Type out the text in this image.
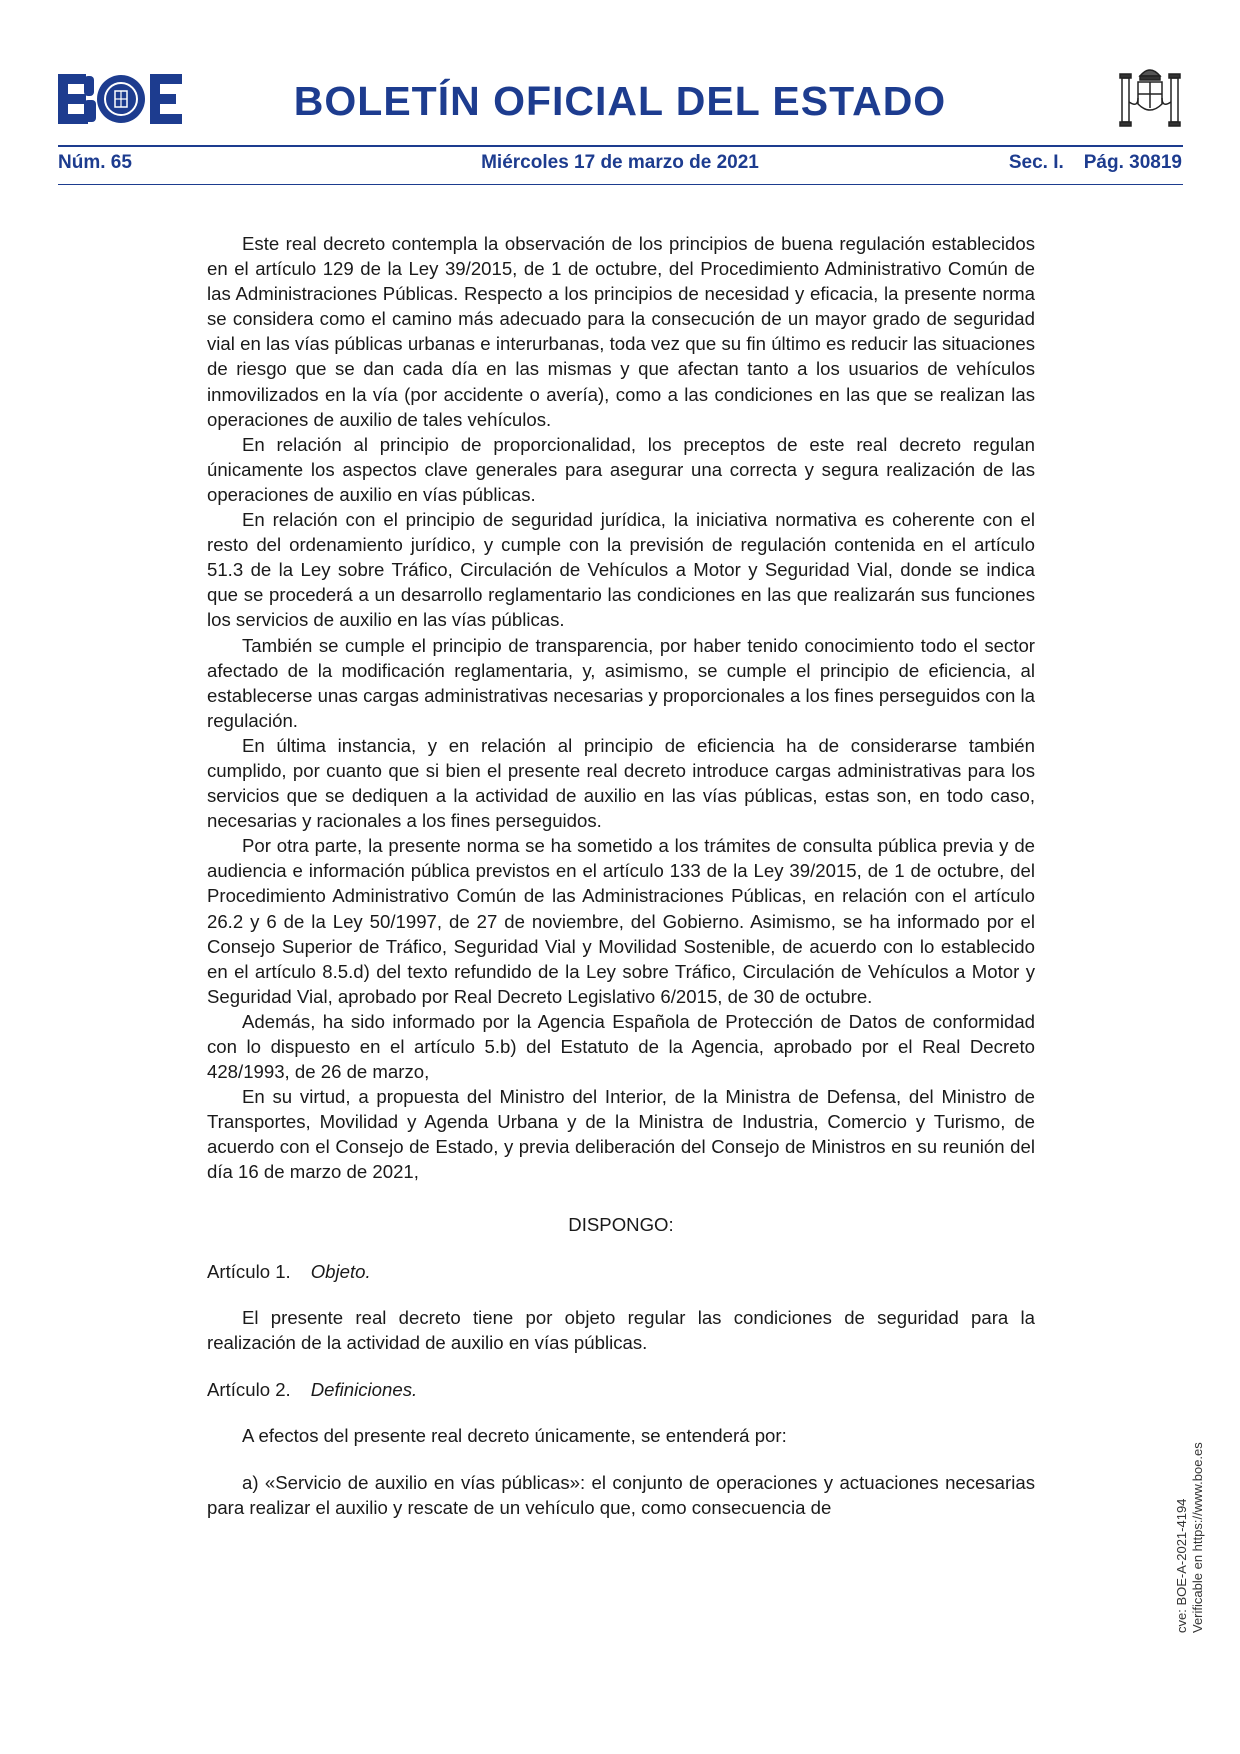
BOLETÍN OFICIAL DEL ESTADO
Núm. 65	Miércoles 17 de marzo de 2021	Sec. I. Pág. 30819

Este real decreto contempla la observación de los principios de buena regulación establecidos en el artículo 129 de la Ley 39/2015, de 1 de octubre, del Procedimiento Administrativo Común de las Administraciones Públicas. Respecto a los principios de necesidad y eficacia, la presente norma se considera como el camino más adecuado para la consecución de un mayor grado de seguridad vial en las vías públicas urbanas e interurbanas, toda vez que su fin último es reducir las situaciones de riesgo que se dan cada día en las mismas y que afectan tanto a los usuarios de vehículos inmovilizados en la vía (por accidente o avería), como a las condiciones en las que se realizan las operaciones de auxilio de tales vehículos.

En relación al principio de proporcionalidad, los preceptos de este real decreto regulan únicamente los aspectos clave generales para asegurar una correcta y segura realización de las operaciones de auxilio en vías públicas.

En relación con el principio de seguridad jurídica, la iniciativa normativa es coherente con el resto del ordenamiento jurídico, y cumple con la previsión de regulación contenida en el artículo 51.3 de la Ley sobre Tráfico, Circulación de Vehículos a Motor y Seguridad Vial, donde se indica que se procederá a un desarrollo reglamentario las condiciones en las que realizarán sus funciones los servicios de auxilio en las vías públicas.

También se cumple el principio de transparencia, por haber tenido conocimiento todo el sector afectado de la modificación reglamentaria, y, asimismo, se cumple el principio de eficiencia, al establecerse unas cargas administrativas necesarias y proporcionales a los fines perseguidos con la regulación.

En última instancia, y en relación al principio de eficiencia ha de considerarse también cumplido, por cuanto que si bien el presente real decreto introduce cargas administrativas para los servicios que se dediquen a la actividad de auxilio en las vías públicas, estas son, en todo caso, necesarias y racionales a los fines perseguidos.

Por otra parte, la presente norma se ha sometido a los trámites de consulta pública previa y de audiencia e información pública previstos en el artículo 133 de la Ley 39/2015, de 1 de octubre, del Procedimiento Administrativo Común de las Administraciones Públicas, en relación con el artículo 26.2 y 6 de la Ley 50/1997, de 27 de noviembre, del Gobierno. Asimismo, se ha informado por el Consejo Superior de Tráfico, Seguridad Vial y Movilidad Sostenible, de acuerdo con lo establecido en el artículo 8.5.d) del texto refundido de la Ley sobre Tráfico, Circulación de Vehículos a Motor y Seguridad Vial, aprobado por Real Decreto Legislativo 6/2015, de 30 de octubre.

Además, ha sido informado por la Agencia Española de Protección de Datos de conformidad con lo dispuesto en el artículo 5.b) del Estatuto de la Agencia, aprobado por el Real Decreto 428/1993, de 26 de marzo,

En su virtud, a propuesta del Ministro del Interior, de la Ministra de Defensa, del Ministro de Transportes, Movilidad y Agenda Urbana y de la Ministra de Industria, Comercio y Turismo, de acuerdo con el Consejo de Estado, y previa deliberación del Consejo de Ministros en su reunión del día 16 de marzo de 2021,

DISPONGO:

Artículo 1. Objeto.

El presente real decreto tiene por objeto regular las condiciones de seguridad para la realización de la actividad de auxilio en vías públicas.

Artículo 2. Definiciones.

A efectos del presente real decreto únicamente, se entenderá por:

a) «Servicio de auxilio en vías públicas»: el conjunto de operaciones y actuaciones necesarias para realizar el auxilio y rescate de un vehículo que, como consecuencia de	cve: BOE-A-2021-4194 Verificable en https://www.boe.es
